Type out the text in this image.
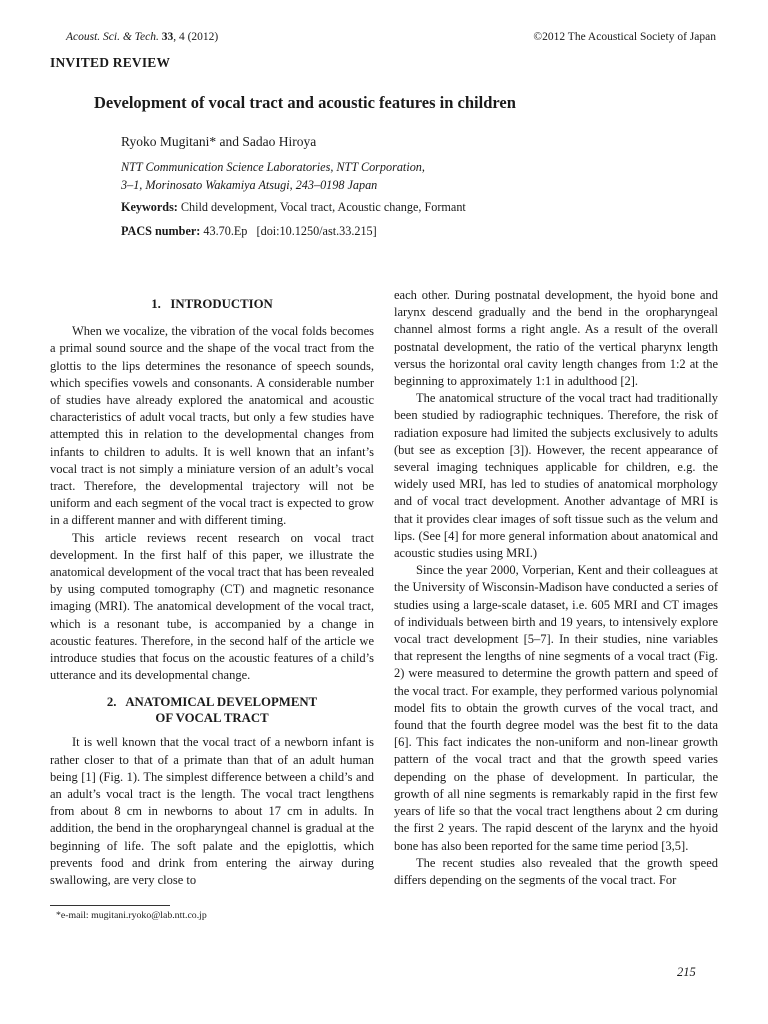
Acoust. Sci. & Tech. 33, 4 (2012)	©2012 The Acoustical Society of Japan
INVITED REVIEW
Development of vocal tract and acoustic features in children
Ryoko Mugitani* and Sadao Hiroya
NTT Communication Science Laboratories, NTT Corporation,
3–1, Morinosato Wakamiya Atsugi, 243–0198 Japan
Keywords: Child development, Vocal tract, Acoustic change, Formant
PACS number: 43.70.Ep   [doi:10.1250/ast.33.215]
1.   INTRODUCTION

When we vocalize, the vibration of the vocal folds becomes a primal sound source and the shape of the vocal tract from the glottis to the lips determines the resonance of speech sounds, which specifies vowels and consonants. A considerable number of studies have already explored the anatomical and acoustic characteristics of adult vocal tracts, but only a few studies have attempted this in relation to the developmental changes from infants to children to adults. It is well known that an infant’s vocal tract is not simply a miniature version of an adult’s vocal tract. Therefore, the developmental trajectory will not be uniform and each segment of the vocal tract is expected to grow in a different manner and with different timing.

This article reviews recent research on vocal tract development. In the first half of this paper, we illustrate the anatomical development of the vocal tract that has been revealed by using computed tomography (CT) and magnetic resonance imaging (MRI). The anatomical development of the vocal tract, which is a resonant tube, is accompanied by a change in acoustic features. Therefore, in the second half of the article we introduce studies that focus on the acoustic features of a child’s utterance and its developmental change.

2.   ANATOMICAL DEVELOPMENT
OF VOCAL TRACT

It is well known that the vocal tract of a newborn infant is rather closer to that of a primate than that of an adult human being [1] (Fig. 1). The simplest difference between a child’s and an adult’s vocal tract is the length. The vocal tract lengthens from about 8 cm in newborns to about 17 cm in adults. In addition, the bend in the oropharyngeal channel is gradual at the beginning of life. The soft palate and the epiglottis, which prevents food and drink from entering the airway during swallowing, are very close to

each other. During postnatal development, the hyoid bone and larynx descend gradually and the bend in the oropharyngeal channel almost forms a right angle. As a result of the overall postnatal development, the ratio of the vertical pharynx length versus the horizontal oral cavity length changes from 1:2 at the beginning to approximately 1:1 in adulthood [2].

The anatomical structure of the vocal tract had traditionally been studied by radiographic techniques. Therefore, the risk of radiation exposure had limited the subjects exclusively to adults (but see as exception [3]). However, the recent appearance of several imaging techniques applicable for children, e.g. the widely used MRI, has led to studies of anatomical morphology and of vocal tract development. Another advantage of MRI is that it provides clear images of soft tissue such as the velum and lips. (See [4] for more general information about anatomical and acoustic studies using MRI.)

Since the year 2000, Vorperian, Kent and their colleagues at the University of Wisconsin-Madison have conducted a series of studies using a large-scale dataset, i.e. 605 MRI and CT images of individuals between birth and 19 years, to intensively explore vocal tract development [5–7]. In their studies, nine variables that represent the lengths of nine segments of a vocal tract (Fig. 2) were measured to determine the growth pattern and speed of the vocal tract. For example, they performed various polynomial model fits to obtain the growth curves of the vocal tract, and found that the fourth degree model was the best fit to the data [6]. This fact indicates the non-uniform and non-linear growth pattern of the vocal tract and that the growth speed varies depending on the phase of development. In particular, the growth of all nine segments is remarkably rapid in the first few years of life so that the vocal tract lengthens about 2 cm during the first 2 years. The rapid descent of the larynx and the hyoid bone has also been reported for the same time period [3,5].

The recent studies also revealed that the growth speed differs depending on the segments of the vocal tract. For

*e-mail: mugitani.ryoko@lab.ntt.co.jp
215
